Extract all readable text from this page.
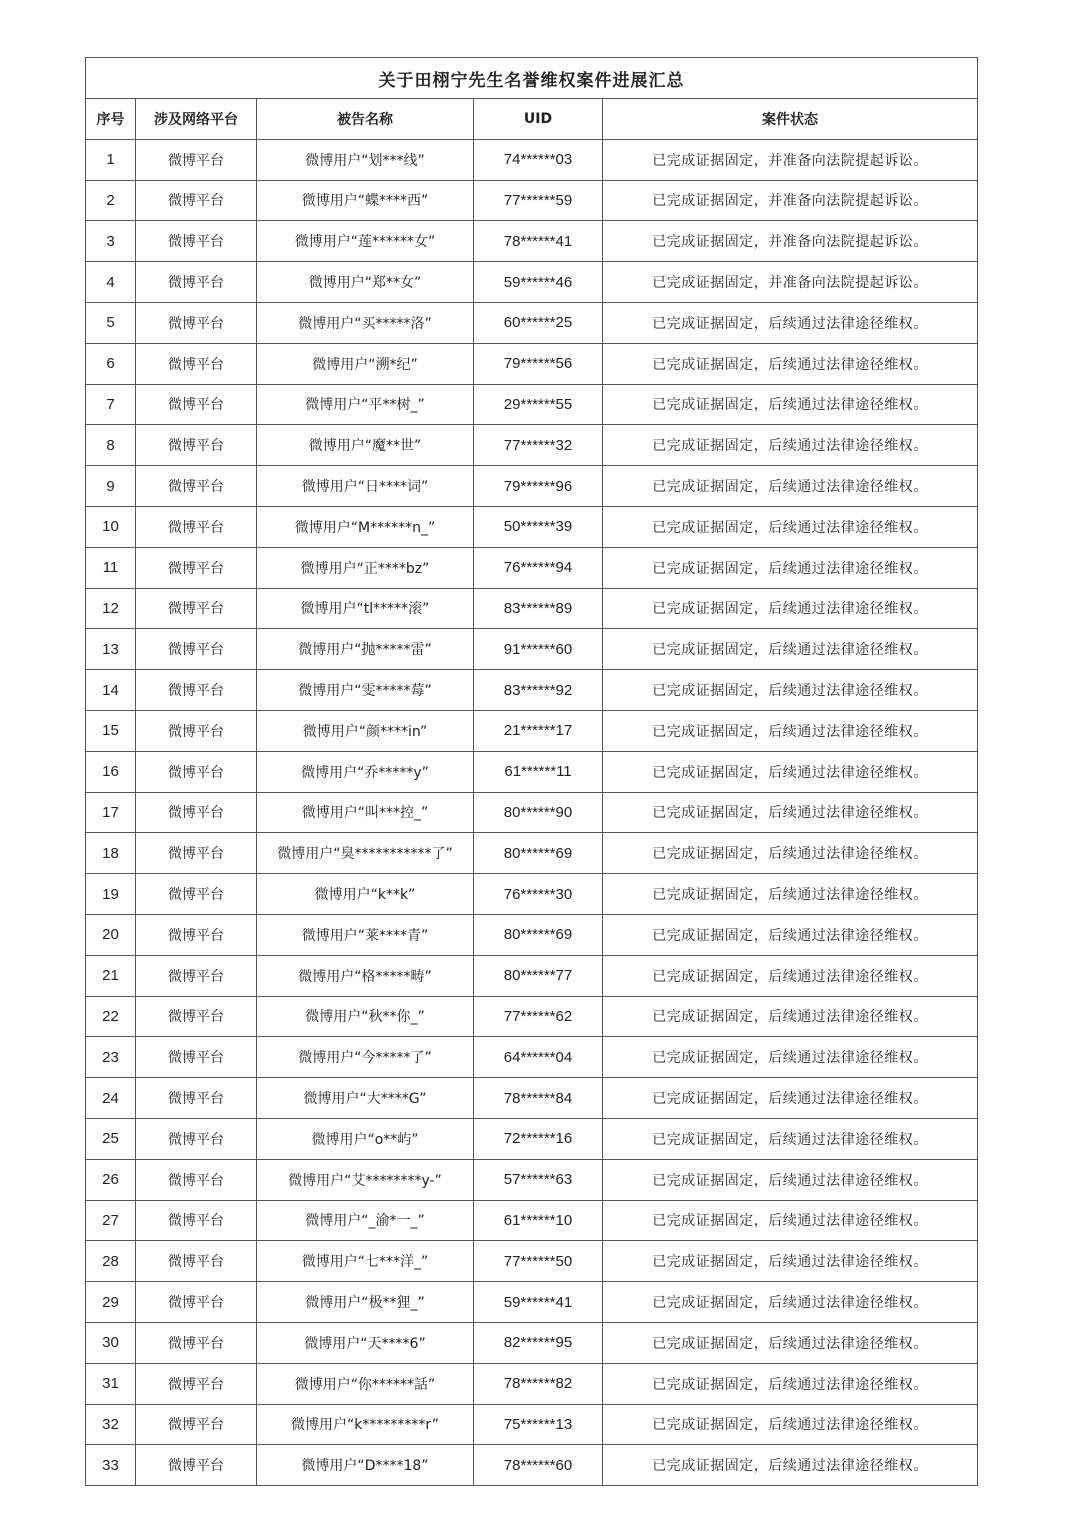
关于田栩宁先生名誉维权案件进展汇总				
序号	涉及网络平台	被告名称	UID	案件状态
1	微博平台	微博用户“划***线”	74******03	已完成证据固定，并准备向法院提起诉讼。
2	微博平台	微博用户“蝶****西”	77******59	已完成证据固定，并准备向法院提起诉讼。
3	微博平台	微博用户“莲******女”	78******41	已完成证据固定，并准备向法院提起诉讼。
4	微博平台	微博用户“郑**女”	59******46	已完成证据固定，并准备向法院提起诉讼。
5	微博平台	微博用户“买*****洛”	60******25	已完成证据固定，后续通过法律途径维权。
6	微博平台	微博用户“溯*纪”	79******56	已完成证据固定，后续通过法律途径维权。
7	微博平台	微博用户“平**树_”	29******55	已完成证据固定，后续通过法律途径维权。
8	微博平台	微博用户“魔**世”	77******32	已完成证据固定，后续通过法律途径维权。
9	微博平台	微博用户“日****词”	79******96	已完成证据固定，后续通过法律途径维权。
10	微博平台	微博用户“M******n_”	50******39	已完成证据固定，后续通过法律途径维权。
11	微博平台	微博用户“正****bz”	76******94	已完成证据固定，后续通过法律途径维权。
12	微博平台	微博用户“tl*****滚”	83******89	已完成证据固定，后续通过法律途径维权。
13	微博平台	微博用户“抛*****雷”	91******60	已完成证据固定，后续通过法律途径维权。
14	微博平台	微博用户“雯*****莓”	83******92	已完成证据固定，后续通过法律途径维权。
15	微博平台	微博用户“颜****in”	21******17	已完成证据固定，后续通过法律途径维权。
16	微博平台	微博用户“乔*****y”	61******11	已完成证据固定，后续通过法律途径维权。
17	微博平台	微博用户“叫***控_”	80******90	已完成证据固定，后续通过法律途径维权。
18	微博平台	微博用户“臭***********了”	80******69	已完成证据固定，后续通过法律途径维权。
19	微博平台	微博用户“k**k”	76******30	已完成证据固定，后续通过法律途径维权。
20	微博平台	微博用户“莱****青”	80******69	已完成证据固定，后续通过法律途径维权。
21	微博平台	微博用户“格*****畴”	80******77	已完成证据固定，后续通过法律途径维权。
22	微博平台	微博用户“秋**你_”	77******62	已完成证据固定，后续通过法律途径维权。
23	微博平台	微博用户“今*****了”	64******04	已完成证据固定，后续通过法律途径维权。
24	微博平台	微博用户“大****G”	78******84	已完成证据固定，后续通过法律途径维权。
25	微博平台	微博用户“o**屿”	72******16	已完成证据固定，后续通过法律途径维权。
26	微博平台	微博用户“艾********y-”	57******63	已完成证据固定，后续通过法律途径维权。
27	微博平台	微博用户“_渝*一_”	61******10	已完成证据固定，后续通过法律途径维权。
28	微博平台	微博用户“七***洋_”	77******50	已完成证据固定，后续通过法律途径维权。
29	微博平台	微博用户“极**狸_”	59******41	已完成证据固定，后续通过法律途径维权。
30	微博平台	微博用户“天****6”	82******95	已完成证据固定，后续通过法律途径维权。
31	微博平台	微博用户“你******話”	78******82	已完成证据固定，后续通过法律途径维权。
32	微博平台	微博用户“k*********r”	75******13	已完成证据固定，后续通过法律途径维权。
33	微博平台	微博用户“D****18”	78******60	已完成证据固定，后续通过法律途径维权。
